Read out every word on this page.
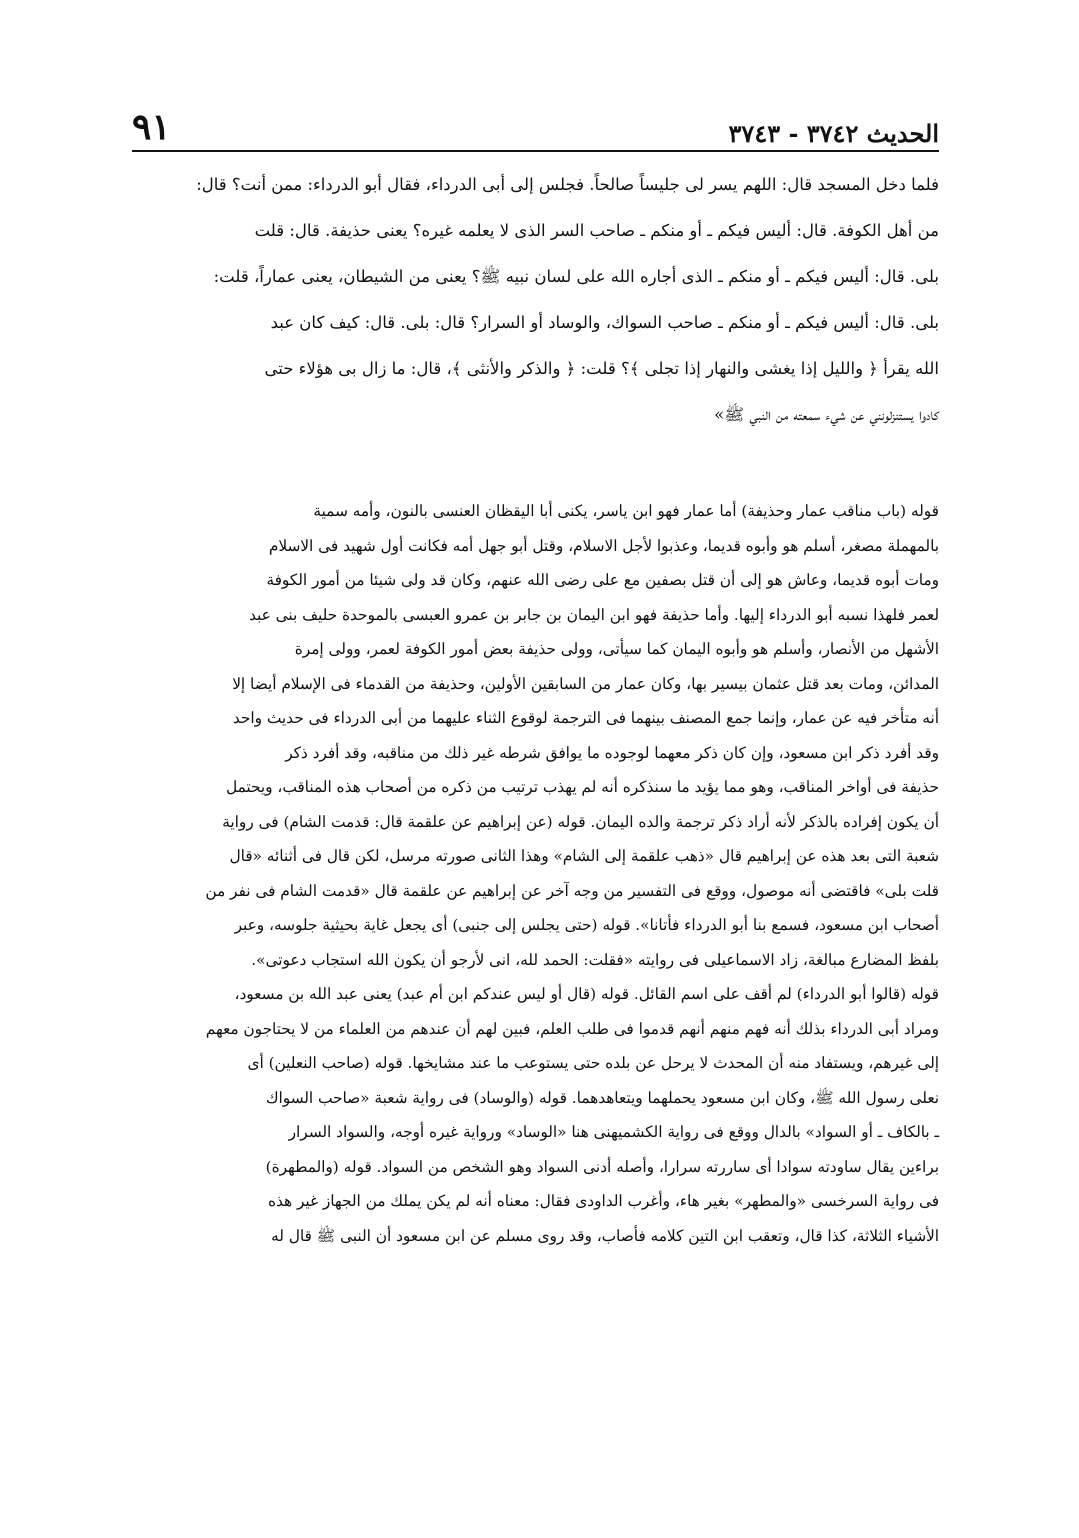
الحديث ٣٧٤٢ - ٣٧٤٣
٩١

فلما دخل المسجد قال: اللهم يسر لى جليساً صالحاً. فجلس إلى أبى الدرداء، فقال أبو الدرداء: ممن أنت؟ قال:

من أهل الكوفة. قال: أليس فيكم ـ أو منكم ـ صاحب السر الذى لا يعلمه غيره؟ يعنى حذيفة. قال: قلت

بلى. قال: أليس فيكم ـ أو منكم ـ الذى أجاره الله على لسان نبيه ﷺ؟ يعنى من الشيطان، يعنى عماراً، قلت:

بلى. قال: أليس فيكم ـ أو منكم ـ صاحب السواك، والوساد أو السرار؟ قال: بلى. قال: كيف كان عبد

الله يقرأ ﴿ والليل إذا يغشى والنهار إذا تجلى ﴾؟ قلت: ﴿ والذكر والأنثى ﴾، قال: ما زال بى هؤلاء حتى

كادوا يستنزلونني عن شيء سمعته من النبي ﷺ»

قوله (باب مناقب عمار وحذيفة) أما عمار فهو ابن ياسر، يكنى أبا اليقظان العنسى بالنون، وأمه سمية

بالمهملة مصغر، أسلم هو وأبوه قديما، وعذبوا لأجل الاسلام، وقتل أبو جهل أمه فكانت أول شهيد فى الاسلام

ومات أبوه قديما، وعاش هو إلى أن قتل بصفين مع على رضى الله عنهم، وكان قد ولى شيئا من أمور الكوفة

لعمر فلهذا نسبه أبو الدرداء إليها. وأما حذيفة فهو ابن اليمان بن جابر بن عمرو العبسى بالموحدة حليف بنى عبد

الأشهل من الأنصار، وأسلم هو وأبوه اليمان كما سيأتى، وولى حذيفة بعض أمور الكوفة لعمر، وولى إمرة

المدائن، ومات بعد قتل عثمان بيسير بها، وكان عمار من السابقين الأولين، وحذيفة من القدماء فى الإسلام أيضا إلا

أنه متأخر فيه عن عمار، وإنما جمع المصنف بينهما فى الترجمة لوقوع الثناء عليهما من أبى الدرداء فى حديث واحد

وقد أفرد ذكر ابن مسعود، وإن كان ذكر معهما لوجوده ما يوافق شرطه غير ذلك من مناقبه، وقد أفرد ذكر

حذيفة فى أواخر المناقب، وهو مما يؤيد ما سنذكره أنه لم يهذب ترتيب من ذكره من أصحاب هذه المناقب، ويحتمل

أن يكون إفراده بالذكر لأنه أراد ذكر ترجمة والده اليمان. قوله (عن إبراهيم عن علقمة قال: قدمت الشام) فى رواية

شعبة التى بعد هذه عن إبراهيم قال «ذهب علقمة إلى الشام» وهذا الثانى صورته مرسل، لكن قال فى أثنائه «قال

قلت بلى» فاقتضى أنه موصول، ووقع فى التفسير من وجه آخر عن إبراهيم عن علقمة قال «قدمت الشام فى نفر من

أصحاب ابن مسعود، فسمع بنا أبو الدرداء فأتانا». قوله (حتى يجلس إلى جنبى) أى يجعل غاية بحيثية جلوسه، وعبر

بلفظ المضارع مبالغة، زاد الاسماعيلى فى روايته «فقلت: الحمد لله، انى لأرجو أن يكون الله استجاب دعوتى».

قوله (قالوا أبو الدرداء) لم أقف على اسم القائل. قوله (قال أو ليس عندكم ابن أم عبد) يعنى عبد الله بن مسعود،

ومراد أبى الدرداء بذلك أنه فهم منهم أنهم قدموا فى طلب العلم، فبين لهم أن عندهم من العلماء من لا يحتاجون معهم

إلى غيرهم، ويستفاد منه أن المحدث لا يرحل عن بلده حتى يستوعب ما عند مشايخها. قوله (صاحب النعلين) أى

نعلى رسول الله ﷺ، وكان ابن مسعود يحملهما ويتعاهدهما. قوله (والوساد) فى رواية شعبة «صاحب السواك

ـ بالكاف ـ أو السواد» بالدال ووقع فى رواية الكشميهنى هنا «الوساد» ورواية غيره أوجه، والسواد السرار

براءين يقال ساودته سوادا أى ساررته سرارا، وأصله أدنى السواد وهو الشخص من السواد. قوله (والمطهرة)

فى رواية السرخسى «والمطهر» بغير هاء، وأغرب الداودى فقال: معناه أنه لم يكن يملك من الجهاز غير هذه

الأشياء الثلاثة، كذا قال، وتعقب ابن التين كلامه فأصاب، وقد روى مسلم عن ابن مسعود أن النبى ﷺ قال له
